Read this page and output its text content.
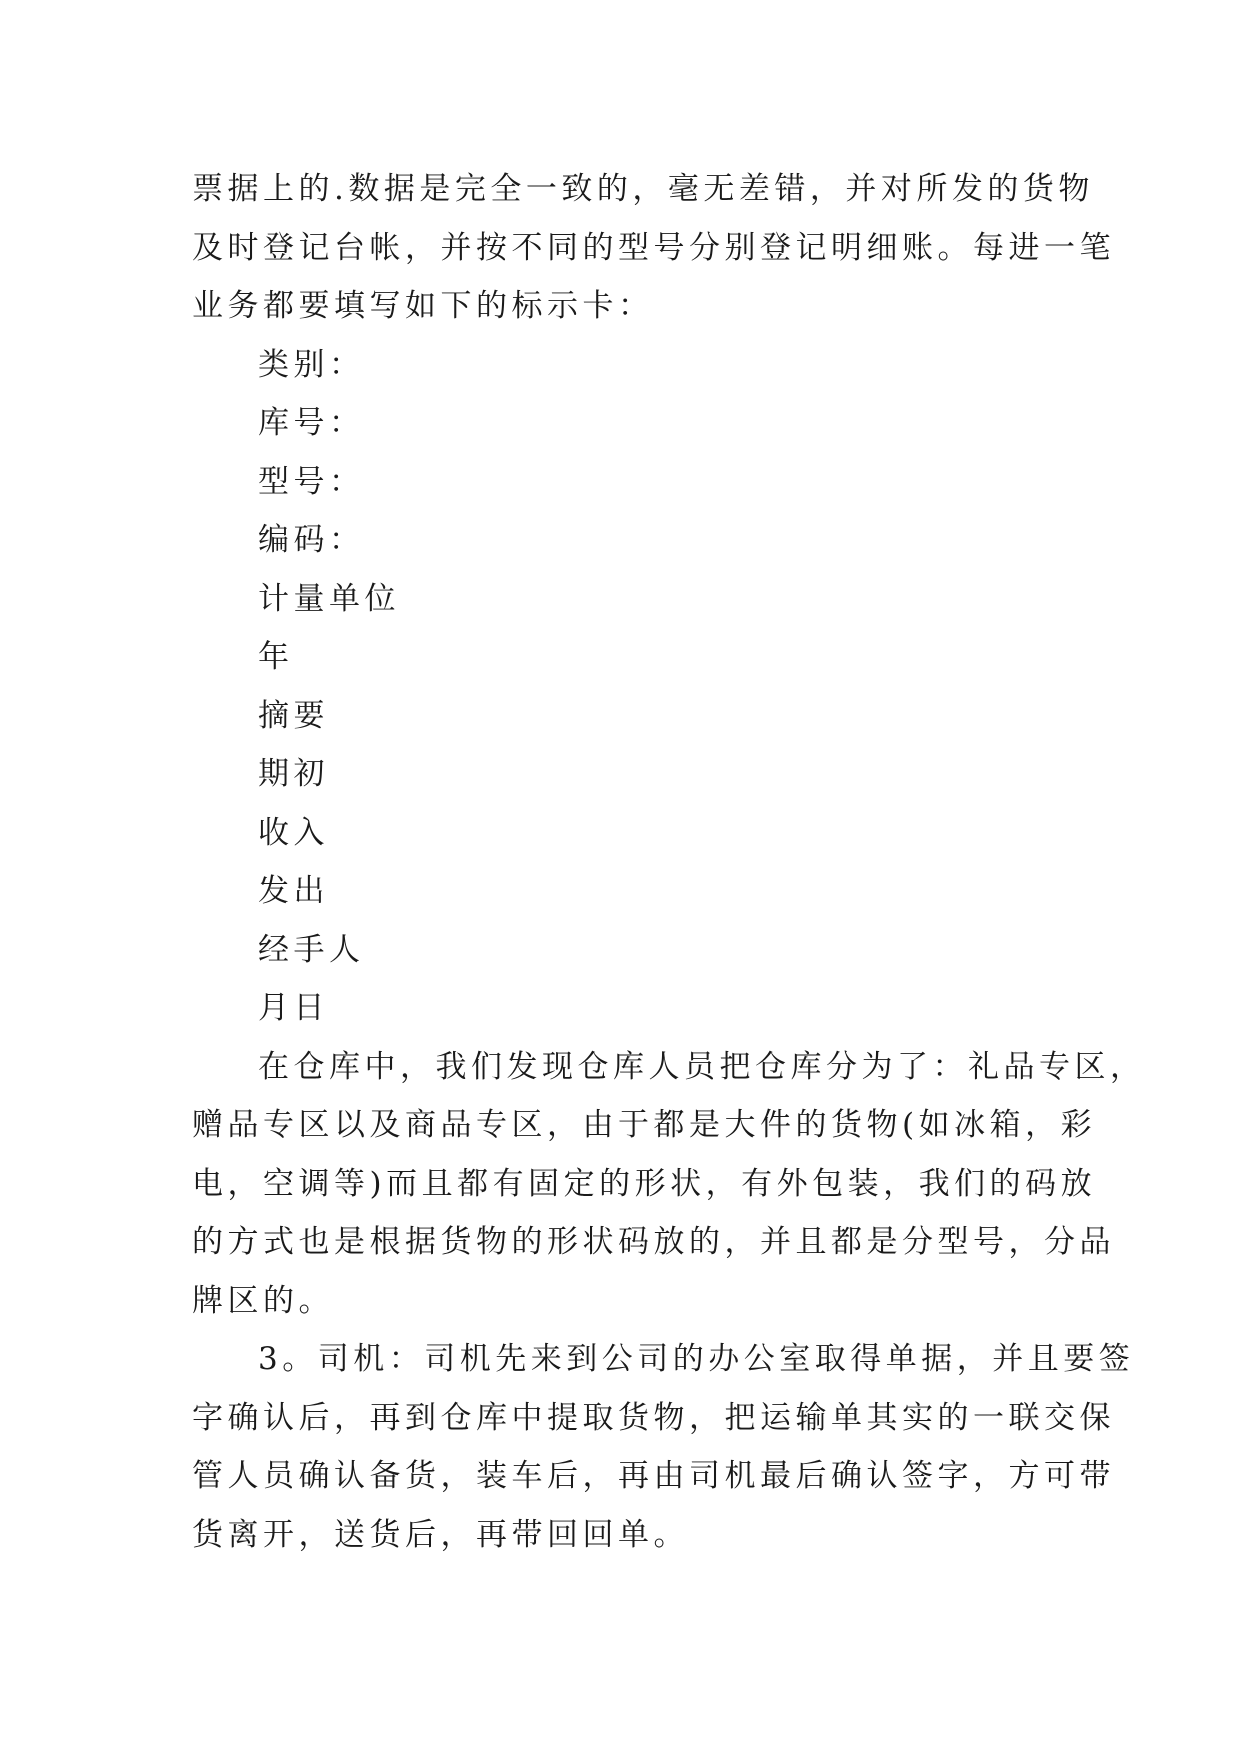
票据上的.数据是完全一致的，毫无差错，并对所发的货物
及时登记台帐，并按不同的型号分别登记明细账。每进一笔
业务都要填写如下的标示卡：
类别：
库号：
型号：
编码：
计量单位
年
摘要
期初
收入
发出
经手人
月日
在仓库中，我们发现仓库人员把仓库分为了：礼品专区，
赠品专区以及商品专区，由于都是大件的货物(如冰箱，彩
电，空调等)而且都有固定的形状，有外包装，我们的码放
的方式也是根据货物的形状码放的，并且都是分型号，分品
牌区的。
3。司机：司机先来到公司的办公室取得单据，并且要签
字确认后，再到仓库中提取货物，把运输单其实的一联交保
管人员确认备货，装车后，再由司机最后确认签字，方可带
货离开，送货后，再带回回单。
